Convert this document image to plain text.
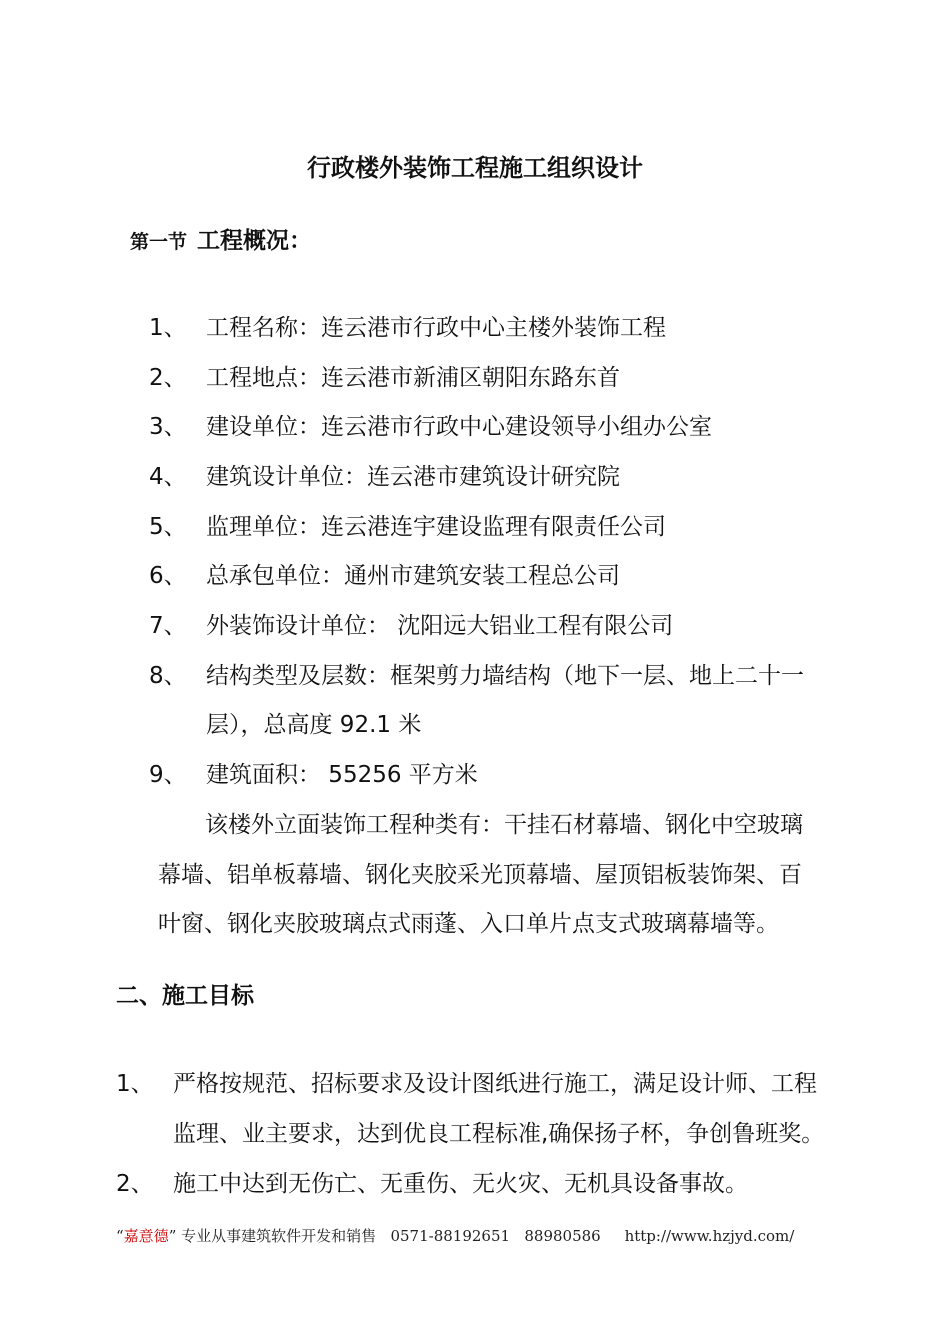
行政楼外装饰工程施工组织设计
第一节 工程概况：
1、 工程名称：连云港市行政中心主楼外装饰工程
2、 工程地点：连云港市新浦区朝阳东路东首
3、 建设单位：连云港市行政中心建设领导小组办公室
4、 建筑设计单位：连云港市建筑设计研究院
5、 监理单位：连云港连宇建设监理有限责任公司
6、 总承包单位：通州市建筑安装工程总公司
7、 外装饰设计单位： 沈阳远大铝业工程有限公司
8、 结构类型及层数：框架剪力墙结构（地下一层、地上二十一
层），总高度 92.1 米
9、 建筑面积： 55256 平方米
该楼外立面装饰工程种类有：干挂石材幕墙、钢化中空玻璃
幕墙、铝单板幕墙、钢化夹胶采光顶幕墙、屋顶铝板装饰架、百
叶窗、钢化夹胶玻璃点式雨蓬、入口单片点支式玻璃幕墙等。
二、施工目标
1、 严格按规范、招标要求及设计图纸进行施工，满足设计师、工程
监理、业主要求，达到优良工程标准,确保扬子杯，争创鲁班奖。
2、 施工中达到无伤亡、无重伤、无火灾、无机具设备事故。
“嘉意德” 专业从事建筑软件开发和销售 0571-88192651 88980586 http://www.hzjyd.com/
